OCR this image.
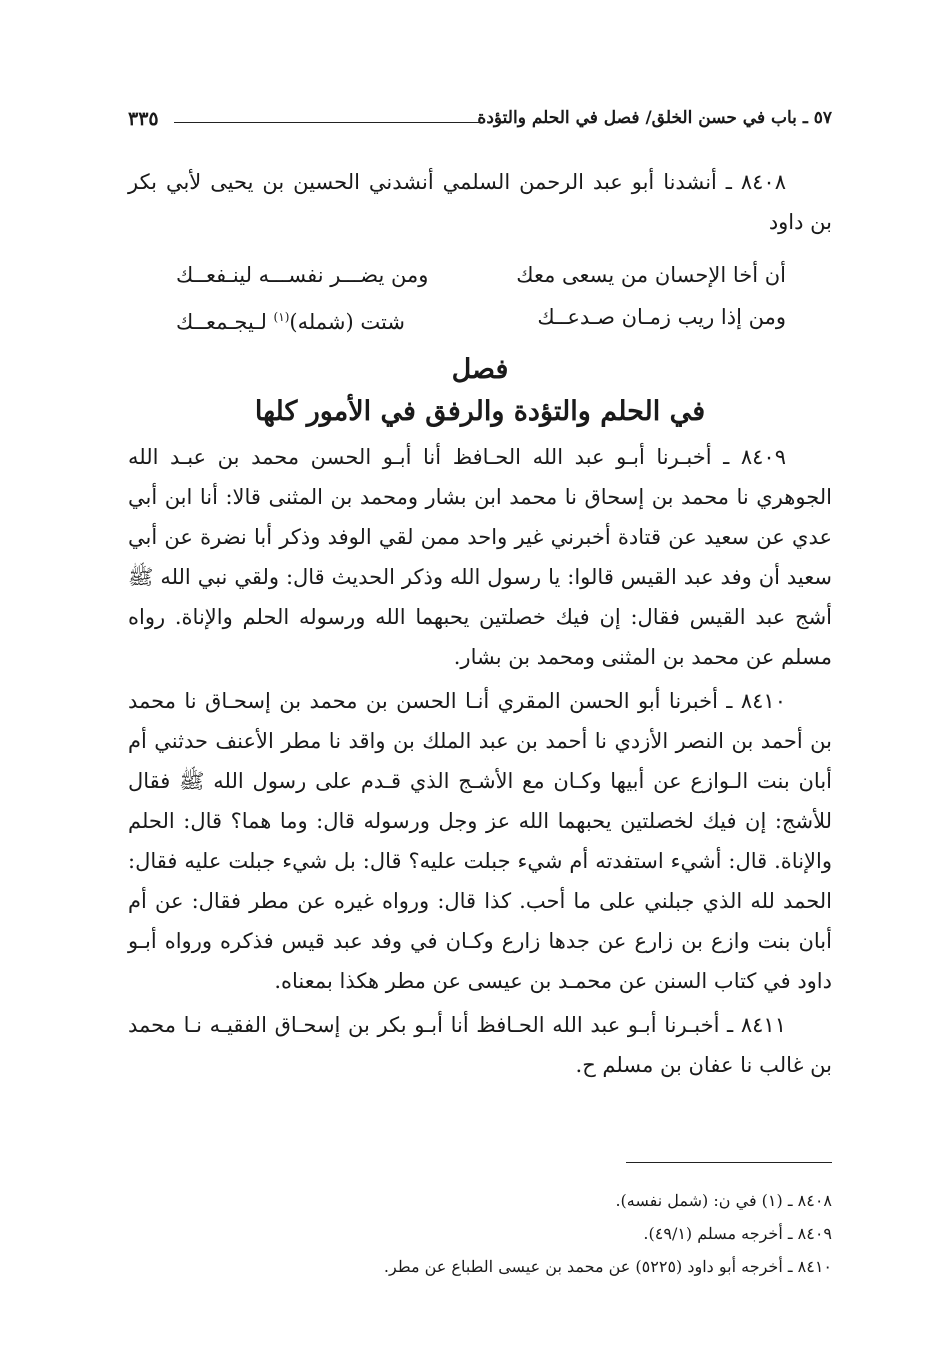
٥٧ ـ باب في حسن الخلق/ فصل في الحلم والتؤدة
٣٣٥

٨٤٠٨ ـ أنشدنا أبو عبد الرحمن السلمي أنشدني الحسين بن يحيى لأبي بكر بن داود

أن أخا الإحسان من يسعى معك
ومن يضـــر نفســـه لينـفعــك
ومن إذا ريب زمـان صـدعــك
شتت (شمله)$^{(١)}$ لـيجـمعــك

فصل

في الحلم والتؤدة والرفق في الأمور كلها

٨٤٠٩ ـ أخبـرنا أبـو عبد الله الحـافظ أنا أبـو الحسن محمد بن عبـد الله الجوهري نا محمد بن إسحاق نا محمد ابن بشار ومحمد بن المثنى قالا: أنا ابن أبي عدي عن سعيد عن قتادة أخبرني غير واحد ممن لقي الوفد وذكر أبا نضرة عن أبي سعيد أن وفد عبد القيس قالوا: يا رسول الله وذكر الحديث قال: ولقي نبي الله ﷺ أشج عبد القيس فقال: إن فيك خصلتين يحبهما الله ورسوله الحلم والإناة. رواه مسلم عن محمد بن المثنى ومحمد بن بشار.

٨٤١٠ ـ أخبرنا أبو الحسن المقري أنـا الحسن بن محمد بن إسحـاق نا محمد بن أحمد بن النصر الأزدي نا أحمد بن عبد الملك بن واقد نا مطر الأعنف حدثني أم أبان بنت الـوازع عن أبيها وكـان مع الأشـج الذي قـدم على رسول الله ﷺ فقال للأشج: إن فيك لخصلتين يحبهما الله عز وجل ورسوله قال: وما هما؟ قال: الحلم والإناة. قال: أشيء استفدته أم شيء جبلت عليه؟ قال: بل شيء جبلت عليه فقال: الحمد لله الذي جبلني على ما أحب. كذا قال: ورواه غيره عن مطر فقال: عن أم أبان بنت وازع بن زارع عن جدها زارع وكـان في وفد عبد قيس فذكره ورواه أبـو داود في كتاب السنن عن محمـد بن عيسى عن مطر هكذا بمعناه.

٨٤١١ ـ أخبـرنا أبـو عبد الله الحـافظ أنا أبـو بكر بن إسحـاق الفقيـه نـا محمد بن غالب نا عفان بن مسلم ح.

٨٤٠٨ ـ (١) في ن: (شمل نفسه).

٨٤٠٩ ـ أخرجه مسلم (٤٩/١).

٨٤١٠ ـ أخرجه أبو داود (٥٢٢٥) عن محمد بن عيسى الطباع عن مطر.
